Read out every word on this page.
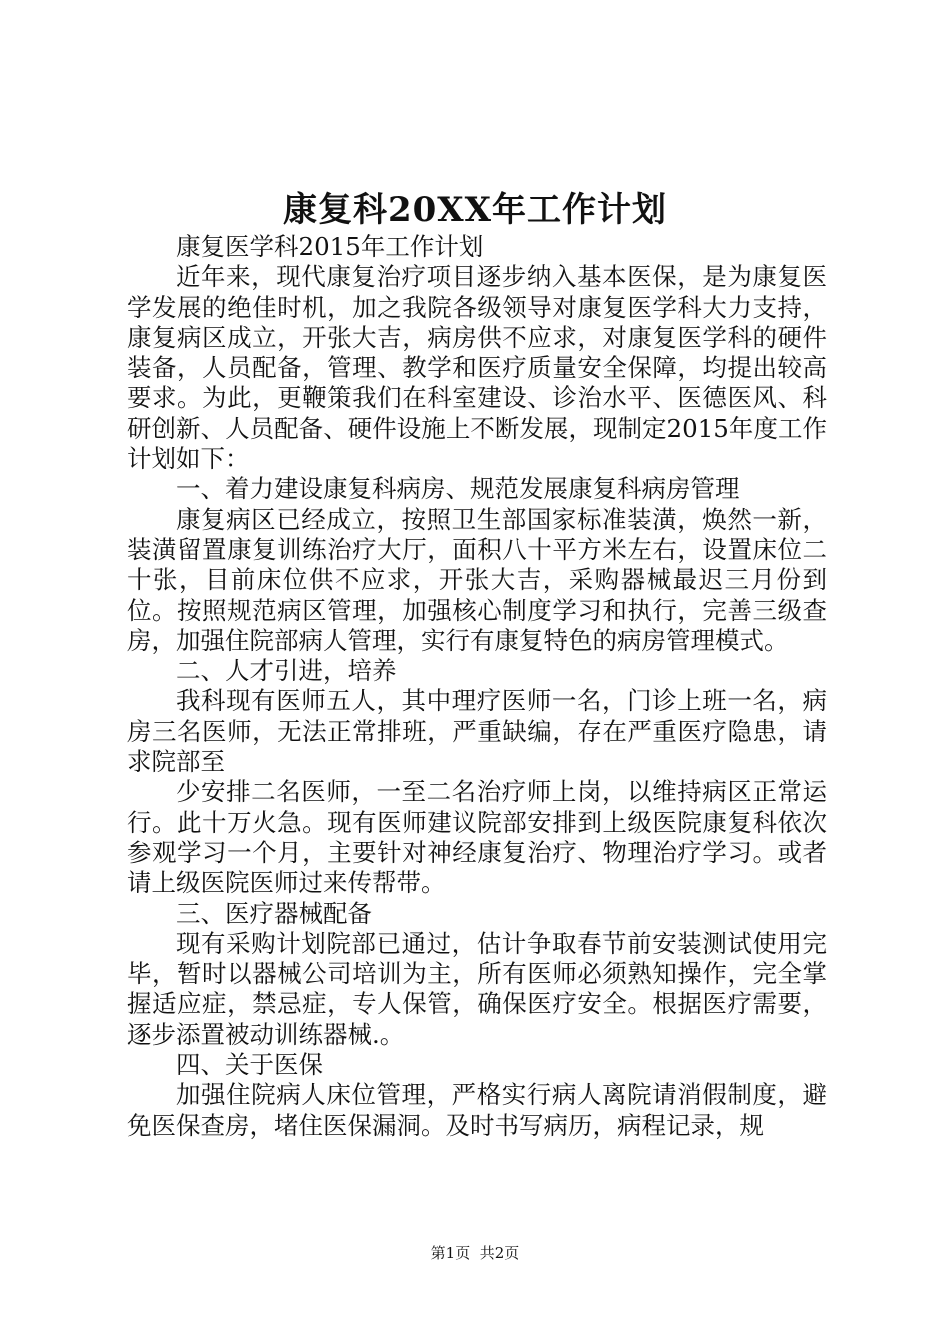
康复科20XX年工作计划

康复医学科2015年工作计划

近年来，现代康复治疗项目逐步纳入基本医保，是为康复医学发展的绝佳时机，加之我院各级领导对康复医学科大力支持，康复病区成立，开张大吉，病房供不应求，对康复医学科的硬件装备，人员配备，管理、教学和医疗质量安全保障，均提出较高要求。为此，更鞭策我们在科室建设、诊治水平、医德医风、科研创新、人员配备、硬件设施上不断发展，现制定2015年度工作计划如下：

一、着力建设康复科病房、规范发展康复科病房管理

康复病区已经成立，按照卫生部国家标准装潢，焕然一新，装潢留置康复训练治疗大厅，面积八十平方米左右，设置床位二十张，目前床位供不应求，开张大吉，采购器械最迟三月份到位。按照规范病区管理，加强核心制度学习和执行，完善三级查房，加强住院部病人管理，实行有康复特色的病房管理模式。

二、人才引进，培养

我科现有医师五人，其中理疗医师一名，门诊上班一名，病房三名医师，无法正常排班，严重缺编，存在严重医疗隐患，请求院部至

少安排二名医师，一至二名治疗师上岗，以维持病区正常运行。此十万火急。现有医师建议院部安排到上级医院康复科依次参观学习一个月，主要针对神经康复治疗、物理治疗学习。或者请上级医院医师过来传帮带。

三、医疗器械配备

现有采购计划院部已通过，估计争取春节前安装测试使用完毕，暂时以器械公司培训为主，所有医师必须熟知操作，完全掌握适应症，禁忌症，专人保管，确保医疗安全。根据医疗需要，逐步添置被动训练器械.。

四、关于医保

加强住院病人床位管理，严格实行病人离院请消假制度，避免医保查房，堵住医保漏洞。及时书写病历，病程记录，规

第1页 共2页
